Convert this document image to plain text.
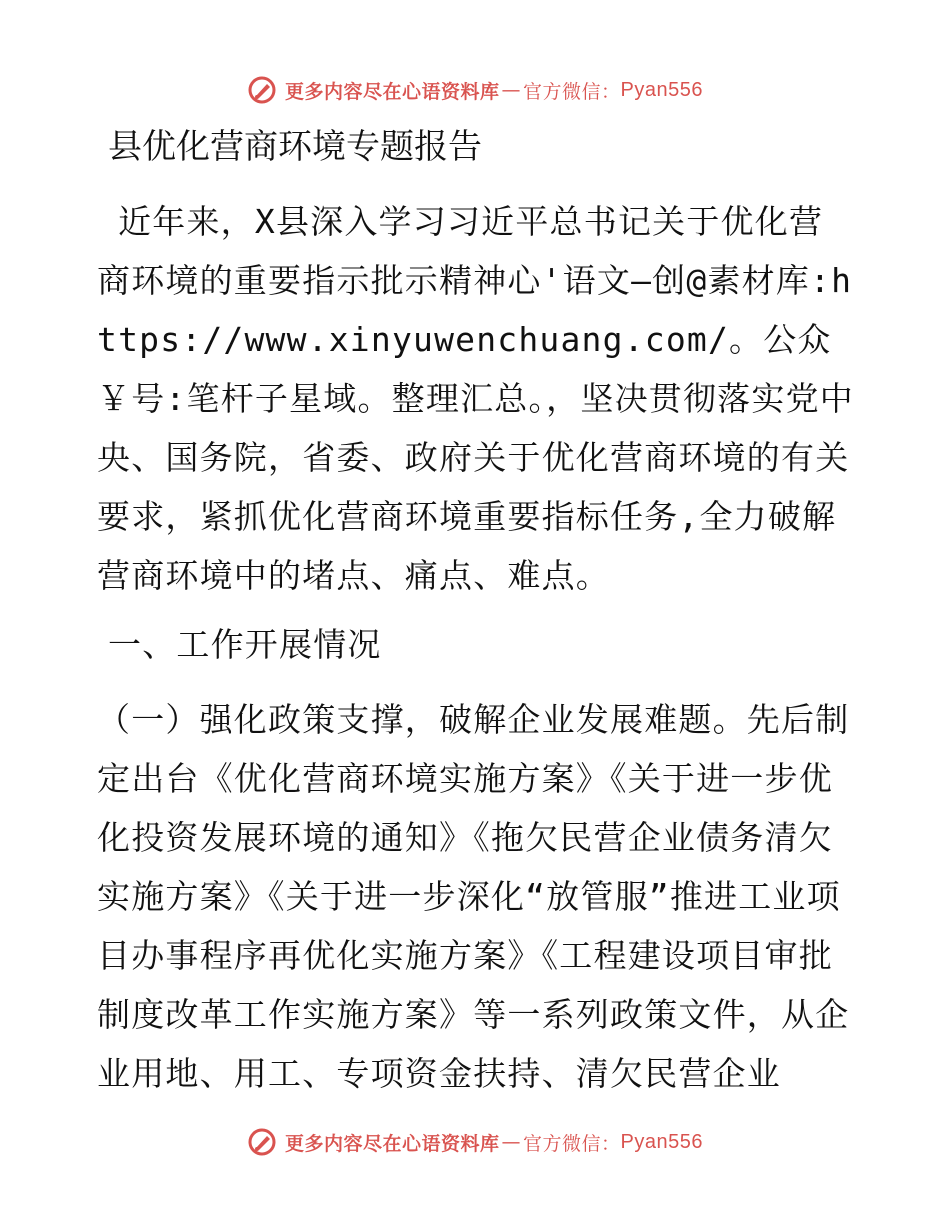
更多内容尽在心语资料库 — 官方微信： Pyan556
县优化营商环境专题报告
近年来，X县深入学习习近平总书记关于优化营商环境的重要指示批示精神心'语文—创@素材库:https://www.xinyuwenchuang.com/。公众￥号:笔杆子星域。整理汇总。，坚决贯彻落实党中央、国务院，省委、政府关于优化营商环境的有关要求，紧抓优化营商环境重要指标任务,全力破解营商环境中的堵点、痛点、难点。
一、工作开展情况
（一）强化政策支撑，破解企业发展难题。先后制定出台《优化营商环境实施方案》《关于进一步优化投资发展环境的通知》《拖欠民营企业债务清欠实施方案》《关于进一步深化“放管服”推进工业项目办事程序再优化实施方案》《工程建设项目审批制度改革工作实施方案》等一系列政策文件，从企业用地、用工、专项资金扶持、清欠民营企业
更多内容尽在心语资料库 — 官方微信： Pyan556
